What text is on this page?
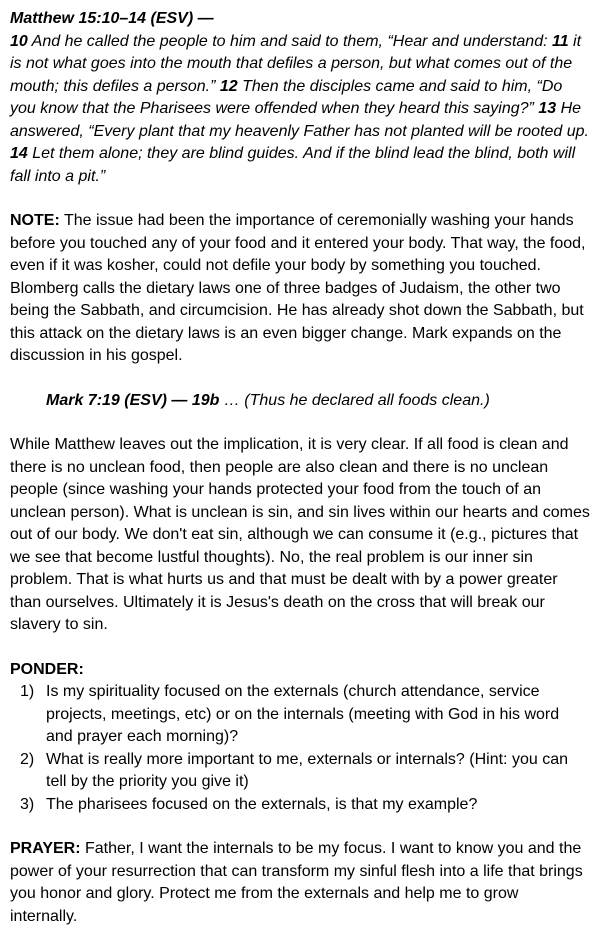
Matthew 15:10–14 (ESV) —
10 And he called the people to him and said to them, “Hear and understand: 11 it is not what goes into the mouth that defiles a person, but what comes out of the mouth; this defiles a person.” 12 Then the disciples came and said to him, “Do you know that the Pharisees were offended when they heard this saying?” 13 He answered, “Every plant that my heavenly Father has not planted will be rooted up. 14 Let them alone; they are blind guides. And if the blind lead the blind, both will fall into a pit.”

NOTE: The issue had been the importance of ceremonially washing your hands before you touched any of your food and it entered your body. That way, the food, even if it was kosher, could not defile your body by something you touched. Blomberg calls the dietary laws one of three badges of Judaism, the other two being the Sabbath, and circumcision. He has already shot down the Sabbath, but this attack on the dietary laws is an even bigger change. Mark expands on the discussion in his gospel.

Mark 7:19 (ESV) — 19b … (Thus he declared all foods clean.)

While Matthew leaves out the implication, it is very clear. If all food is clean and there is no unclean food, then people are also clean and there is no unclean people (since washing your hands protected your food from the touch of an unclean person). What is unclean is sin, and sin lives within our hearts and comes out of our body. We don't eat sin, although we can consume it (e.g., pictures that we see that become lustful thoughts). No, the real problem is our inner sin problem. That is what hurts us and that must be dealt with by a power greater than ourselves. Ultimately it is Jesus's death on the cross that will break our slavery to sin.

PONDER:

1) Is my spirituality focused on the externals (church attendance, service projects, meetings, etc) or on the internals (meeting with God in his word and prayer each morning)?
2) What is really more important to me, externals or internals? (Hint: you can tell by the priority you give it)
3) The pharisees focused on the externals, is that my example?

PRAYER: Father, I want the internals to be my focus. I want to know you and the power of your resurrection that can transform my sinful flesh into a life that brings you honor and glory. Protect me from the externals and help me to grow internally.
